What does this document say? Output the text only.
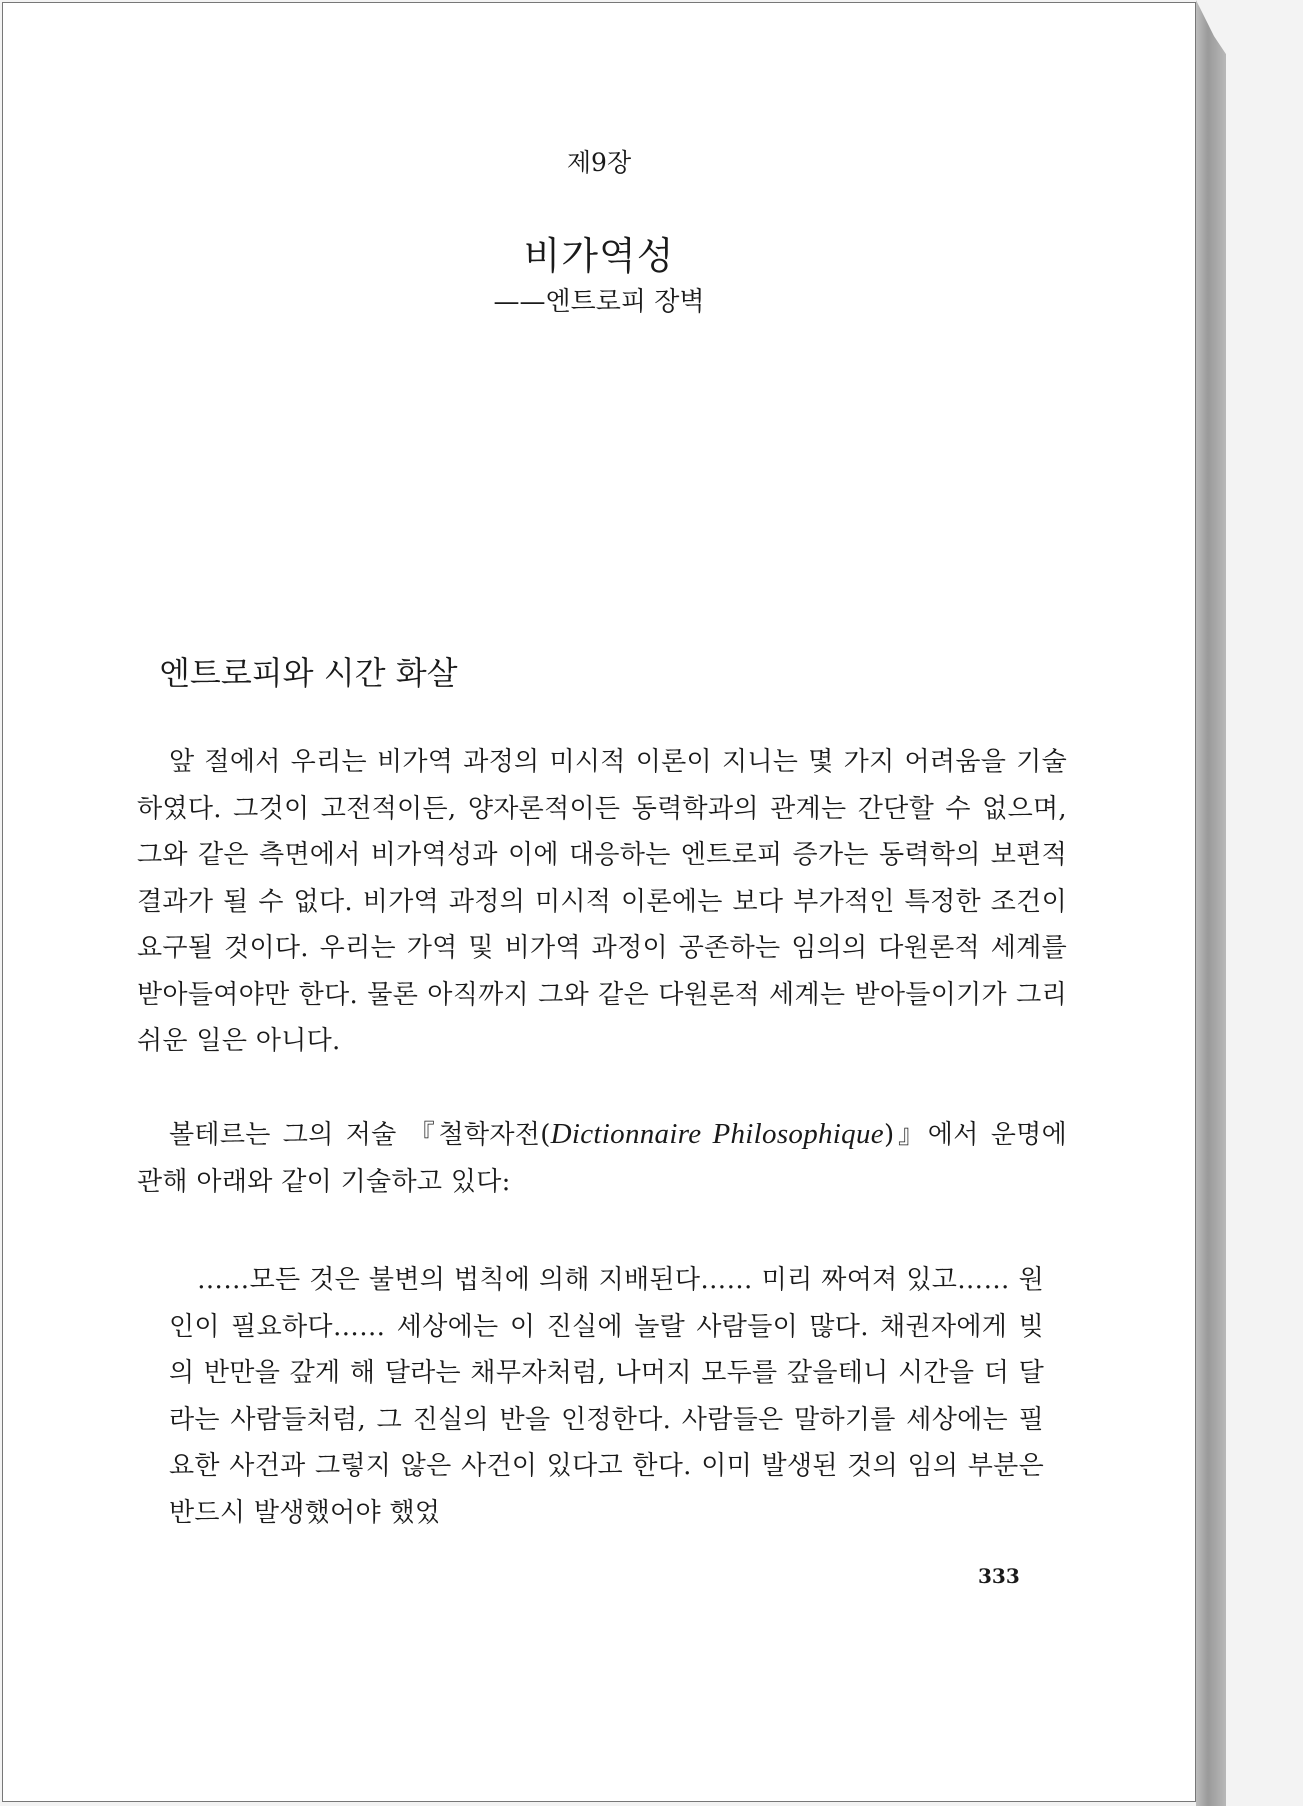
제9장
비가역성
——엔트로피 장벽
엔트로피와 시간 화살
앞 절에서 우리는 비가역 과정의 미시적 이론이 지니는 몇 가지 어려움을 기술하였다. 그것이 고전적이든, 양자론적이든 동력학과의 관계는 간단할 수 없으며, 그와 같은 측면에서 비가역성과 이에 대응하는 엔트로피 증가는 동력학의 보편적 결과가 될 수 없다. 비가역 과정의 미시적 이론에는 보다 부가적인 특정한 조건이 요구될 것이다. 우리는 가역 및 비가역 과정이 공존하는 임의의 다원론적 세계를 받아들여야만 한다. 물론 아직까지 그와 같은 다원론적 세계는 받아들이기가 그리 쉬운 일은 아니다.
볼테르는 그의 저술 『철학자전(Dictionnaire Philosophique)』에서 운명에 관해 아래와 같이 기술하고 있다:
……모든 것은 불변의 법칙에 의해 지배된다…… 미리 짜여져 있고…… 원인이 필요하다…… 세상에는 이 진실에 놀랄 사람들이 많다. 채권자에게 빚의 반만을 갚게 해 달라는 채무자처럼, 나머지 모두를 갚을테니 시간을 더 달라는 사람들처럼, 그 진실의 반을 인정한다. 사람들은 말하기를 세상에는 필요한 사건과 그렇지 않은 사건이 있다고 한다. 이미 발생된 것의 임의 부분은 반드시 발생했어야 했었
333
